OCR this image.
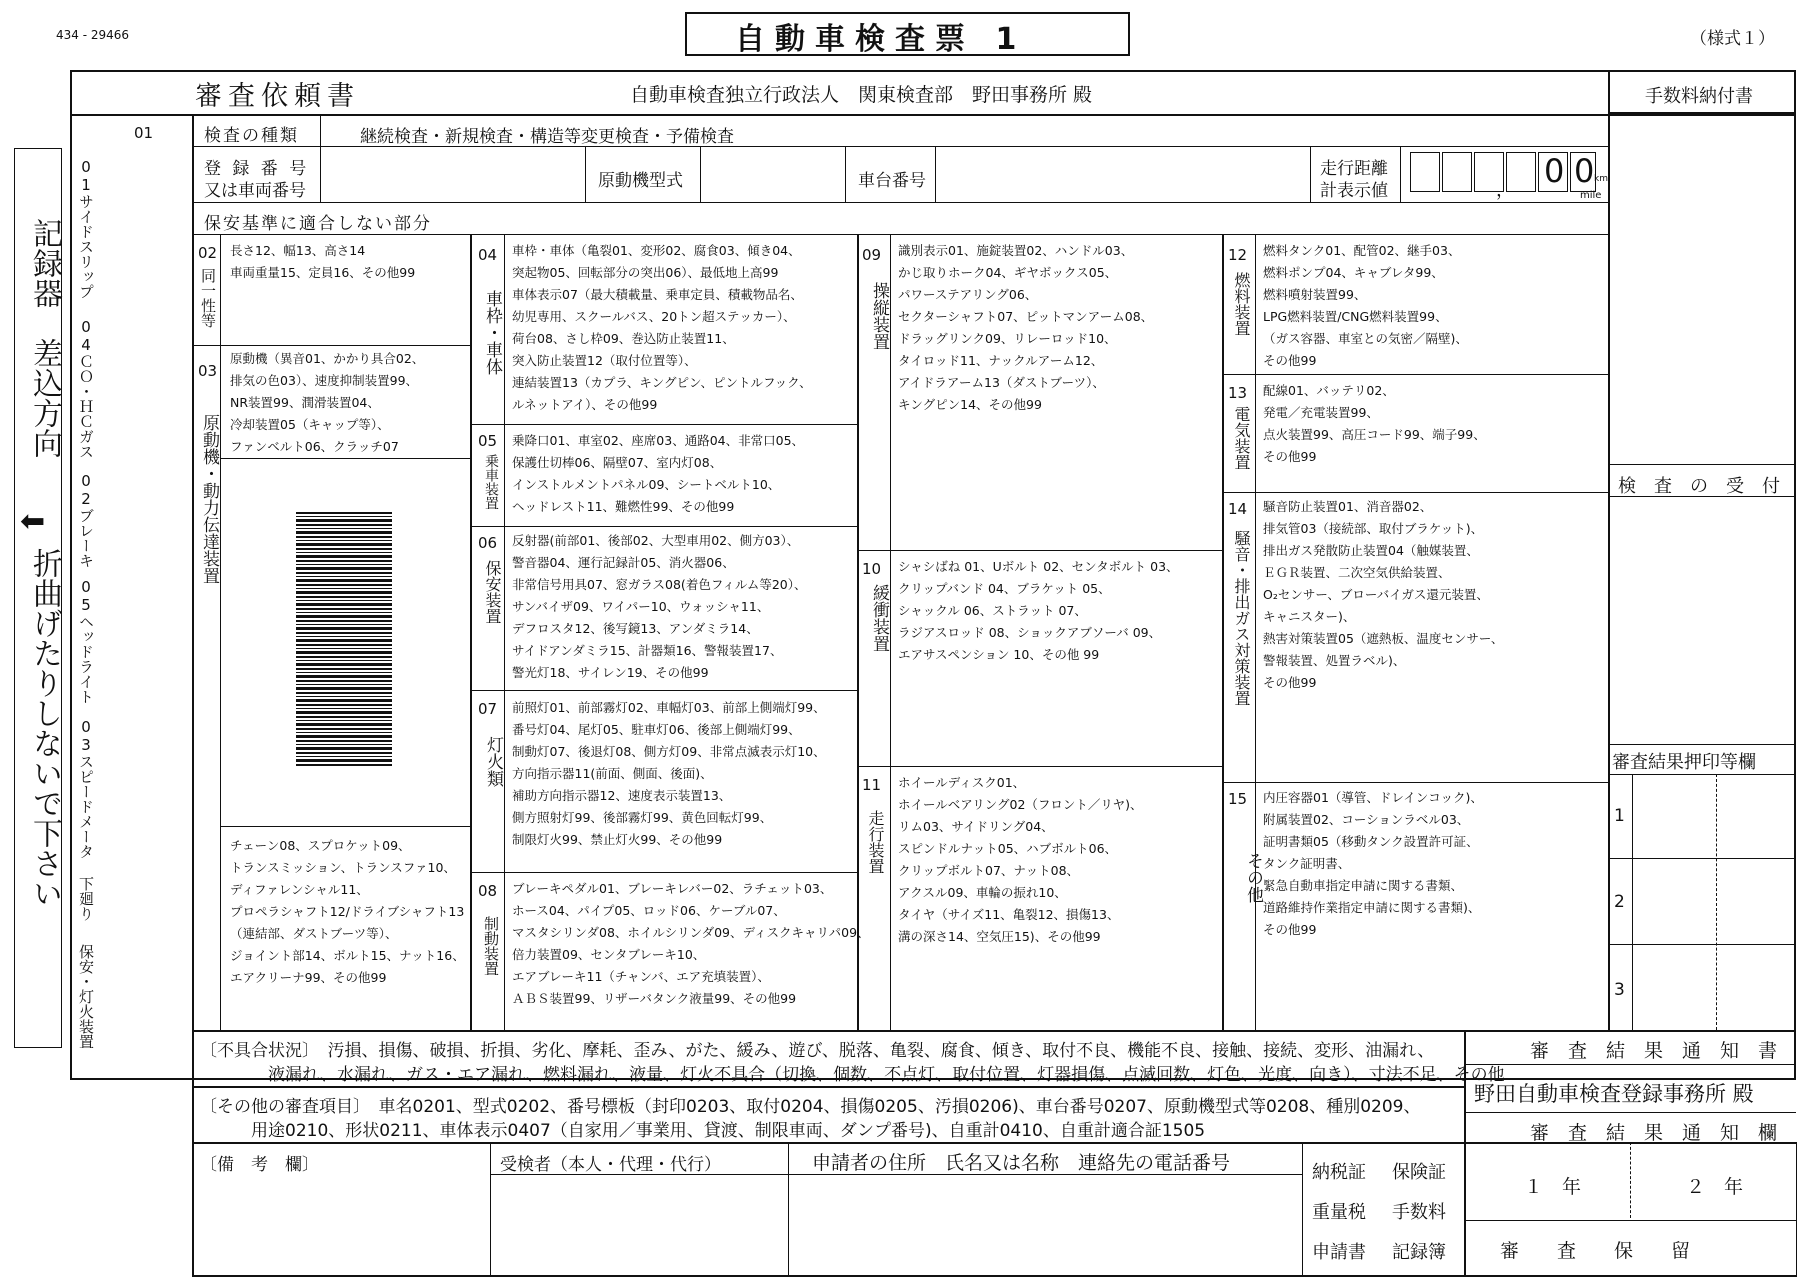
434 - 29466	自動車検査票 1	（様式１）
審査依頼書	自動車検査独立行政法人　関東検査部　野田事務所 殿	手数料納付書
記録器　差込方向
⬅
折曲げたりしないで下さい
01
01サイドスリップ
04ＣＯ・ＨＣガス
02ブレーキ
05ヘッドライト
03スピードメータ
下廻り
保安・灯火装置
検査の種類	継続検査・新規検査・構造等変更検査・予備検査
登 録 番 号
又は車両番号	原動機型式	車台番号
走行距離
計表示値	，
0 0 km
mile
保安基準に適合しない部分
02
同一性等
長さ12、幅13、高さ14
車両重量15、定員16、その他99
03
原動機・動力伝達装置
原動機（異音01、かかり具合02、
排気の色03）、速度抑制装置99、
NR装置99、潤滑装置04、
冷却装置05（キャップ等）、
ファンベルト06、クラッチ07
チェーン08、スプロケット09、
トランスミッション、トランスファ10、
ディファレンシャル11、
プロペラシャフト12/ドライブシャフト13
（連結部、ダストブーツ等）、
ジョイント部14、ボルト15、ナット16、
エアクリーナ99、その他99
04
車枠・車体
車枠・車体（亀裂01、変形02、腐食03、傾き04、
突起物05、回転部分の突出06）、最低地上高99
車体表示07（最大積載量、乗車定員、積載物品名、
幼児専用、スクールバス、20トン超ステッカー）、
荷台08、さし枠09、巻込防止装置11、
突入防止装置12（取付位置等）、
連結装置13（カプラ、キングピン、ピントルフック、
ルネットアイ）、その他99
05
乗車装置
乗降口01、車室02、座席03、通路04、非常口05、
保護仕切棒06、隔壁07、室内灯08、
インストルメントパネル09、シートベルト10、
ヘッドレスト11、難燃性99、その他99
06
保安装置
反射器(前部01、後部02、大型車用02、側方03）、
警音器04、運行記録計05、消火器06、
非常信号用具07、窓ガラス08(着色フィルム等20）、
サンバイザ09、ワイパー10、ウォッシャ11、
デフロスタ12、後写鏡13、アンダミラ14、
サイドアンダミラ15、計器類16、警報装置17、
警光灯18、サイレン19、その他99
07
灯火類
前照灯01、前部霧灯02、車幅灯03、前部上側端灯99、
番号灯04、尾灯05、駐車灯06、後部上側端灯99、
制動灯07、後退灯08、側方灯09、非常点滅表示灯10、
方向指示器11(前面、側面、後面)、
補助方向指示器12、速度表示装置13、
側方照射灯99、後部霧灯99、黄色回転灯99、
制限灯火99、禁止灯火99、その他99
08
制動装置
ブレーキペダル01、ブレーキレバー02、ラチェット03、
ホース04、パイプ05、ロッド06、ケーブル07、
マスタシリンダ08、ホイルシリンダ09、ディスクキャリパ09、
倍力装置09、センタブレーキ10、
エアブレーキ11（チャンバ、エア充填装置）、
ＡＢＳ装置99、リザーバタンク液量99、その他99
09
操縦装置
識別表示01、施錠装置02、ハンドル03、
かじ取りホーク04、ギヤボックス05、
パワーステアリング06、
セクターシャフト07、ピットマンアーム08、
ドラッグリンク09、リレーロッド10、
タイロッド11、ナックルアーム12、
アイドラアーム13（ダストブーツ）、
キングピン14、その他99
10
緩衝装置
シャシばね 01、Uボルト 02、センタボルト 03、
クリップバンド 04、ブラケット 05、
シャックル 06、ストラット 07、
ラジアスロッド 08、ショックアブソーバ 09、
エアサスペンション 10、その他 99
11
走行装置
ホイールディスク01、
ホイールベアリング02（フロント／リヤ)、
リム03、サイドリング04、
スピンドルナット05、ハブボルト06、
クリップボルト07、ナット08、
アクスル09、車輪の振れ10、
タイヤ（サイズ11、亀裂12、損傷13、
溝の深さ14、空気圧15)、その他99
12
燃料装置
燃料タンク01、配管02、継手03、
燃料ポンプ04、キャブレタ99、
燃料噴射装置99、
LPG燃料装置/CNG燃料装置99、
（ガス容器、車室との気密／隔壁)、
その他99
13
電気装置
配線01、バッテリ02、
発電／充電装置99、
点火装置99、高圧コード99、端子99、
その他99
14
騒音・排出ガス対策装置
騒音防止装置01、消音器02、
排気管03（接続部、取付ブラケット)、
排出ガス発散防止装置04（触媒装置、
ＥＧＲ装置、二次空気供給装置、
O₂センサー、ブローバイガス還元装置、
キャニスター)、
熱害対策装置05（遮熱板、温度センサー、
警報装置、処置ラベル)、
その他99
15
その他
内圧容器01（導管、ドレインコック)、
附属装置02、コーションラベル03、
証明書類05（移動タンク設置許可証、
タンク証明書、
緊急自動車指定申請に関する書類、
道路維持作業指定申請に関する書類)、
その他99
検　査　の　受　付
審査結果押印等欄
1
2
3
〔不具合状況〕　汚損、損傷、破損、折損、劣化、摩耗、歪み、がた、緩み、遊び、脱落、亀裂、腐食、傾き、取付不良、機能不良、接触、接続、変形、油漏れ、
　　　　液漏れ、水漏れ、ガス・エア漏れ、燃料漏れ、液量、灯火不具合（切換、個数、不点灯、取付位置、灯器損傷、点滅回数、灯色、光度、向き）、寸法不足、その他
〔その他の審査項目〕　車名0201、型式0202、番号標板（封印0203、取付0204、損傷0205、汚損0206)、車台番号0207、原動機型式等0208、種別0209、
　　　用途0210、形状0211、車体表示0407（自家用／事業用、貸渡、制限車両、ダンプ番号)、自重計0410、自重計適合証1505
審　査　結　果　通　知　書
野田自動車検査登録事務所 殿
審　査　結　果　通　知　欄
〔備　考　欄〕	受検者（本人・代理・代行）	申請者の住所　氏名又は名称　連絡先の電話番号	納税証 保険証
重量税 手数料
申請書 記録簿
１　年	２　年
審　　査　　保　　留
